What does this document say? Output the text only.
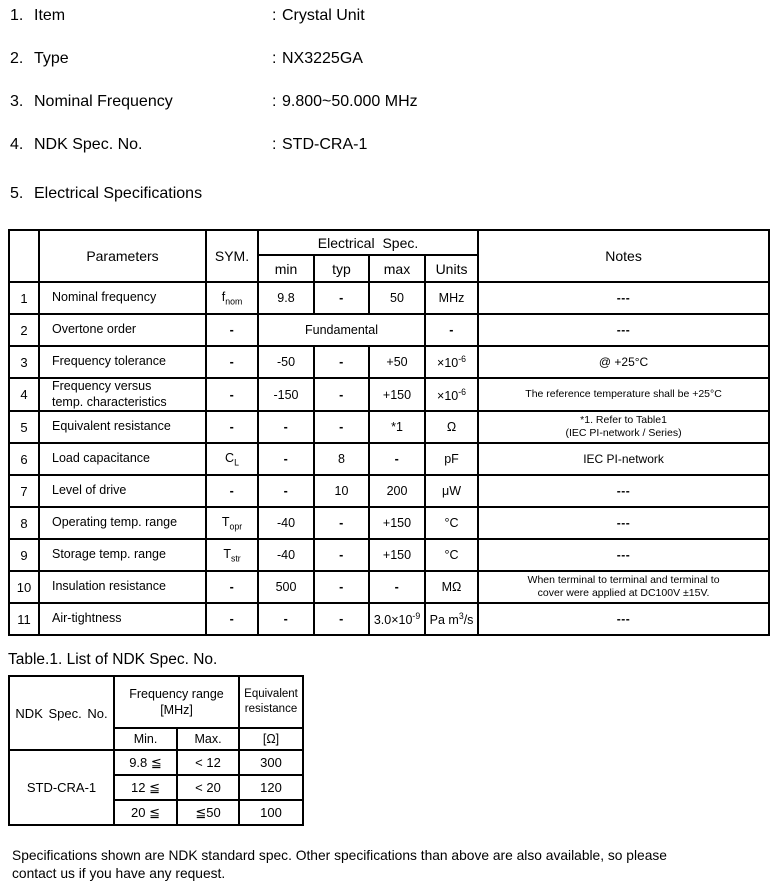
1. Item	: Crystal Unit
2. Type	: NX3225GA
3. Nominal Frequency	: 9.800~50.000 MHz
4. NDK Spec. No.	: STD-CRA-1
5. Electrical Specifications
	Parameters	SYM.	Electrical Spec.				Notes
			min	typ	max	Units	
1	Nominal frequency	$f_{nom}$	9.8	-	50	MHz	---
2	Overtone order	-	Fundamental			-	---
3	Frequency tolerance	-	-50	-	+50	$\times 10^{-6}$	@ +25°C
4	Frequency versus
temp. characteristics	-	-150	-	+150	$\times 10^{-6}$	The reference temperature shall be +25°C
5	Equivalent resistance	-	-	-	*1	Ω	*1. Refer to Table1
(IEC PI-network / Series)
6	Load capacitance	$C_L$	-	8	-	pF	IEC PI-network
7	Level of drive	-	-	10	200	μW	---
8	Operating temp. range	$T_{opr}$	-40	-	+150	°C	---
9	Storage temp. range	$T_{str}$	-40	-	+150	°C	---
10	Insulation resistance	-	500	-	-	MΩ	When terminal to terminal and terminal to
cover were applied at DC100V ±15V.
11	Air-tightness	-	-	-	$3.0\times 10^{-9}$	Pa $m^3/s$	---
Table.1. List of NDK Spec. No.
NDK Spec. No.	Frequency range
[MHz]		Equivalent
resistance
	Min.	Max.	[Ω]
STD-CRA-1	9.8 ≦	< 12	300
	12 ≦	< 20	120
	20 ≦	≦50	100
Specifications shown are NDK standard spec. Other specifications than above are also available, so please
contact us if you have any request.
